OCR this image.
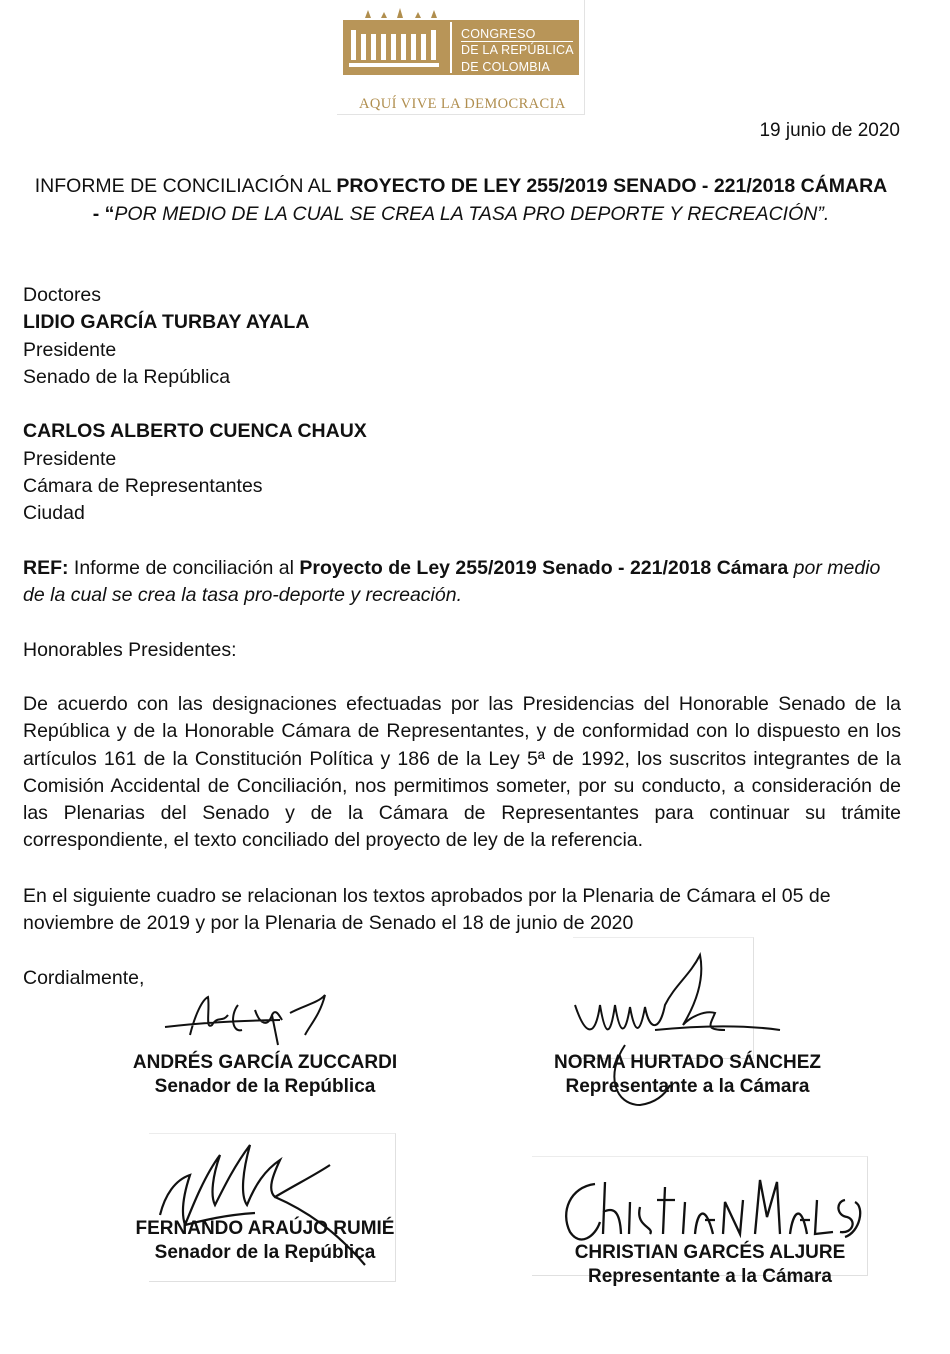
CONGRESO
DE LA REPÚBLICA
DE COLOMBIA
AQUÍ VIVE LA DEMOCRACIA
19 junio de 2020
INFORME DE CONCILIACIÓN AL PROYECTO DE LEY 255/2019 SENADO - 221/2018 CÁMARA - “POR MEDIO DE LA CUAL SE CREA LA TASA PRO DEPORTE Y RECREACIÓN”.
Doctores
LIDIO GARCÍA TURBAY AYALA
Presidente
Senado de la República
CARLOS ALBERTO CUENCA CHAUX
Presidente
Cámara de Representantes
Ciudad
REF: Informe de conciliación al Proyecto de Ley 255/2019 Senado - 221/2018 Cámara por medio de la cual se crea la tasa pro-deporte y recreación.
Honorables Presidentes:
De acuerdo con las designaciones efectuadas por las Presidencias del Honorable Senado de la República y de la Honorable Cámara de Representantes, y de conformidad con lo dispuesto en los artículos 161 de la Constitución Política y 186 de la Ley 5ª de 1992, los suscritos integrantes de la Comisión Accidental de Conciliación, nos permitimos someter, por su conducto, a consideración de las Plenarias del Senado y de la Cámara de Representantes para continuar su trámite correspondiente, el texto conciliado del proyecto de ley de la referencia.
En el siguiente cuadro se relacionan los textos aprobados por la Plenaria de Cámara el 05 de noviembre de 2019 y por la Plenaria de Senado el 18 de junio de 2020
Cordialmente,
ANDRÉS GARCÍA ZUCCARDI
Senador de la República
NORMA HURTADO SÁNCHEZ
Representante a la Cámara
FERNANDO ARAÚJO RUMIÉ
Senador de la República	CHRISTIAN GARCÉS ALJURE
Representante a la Cámara
